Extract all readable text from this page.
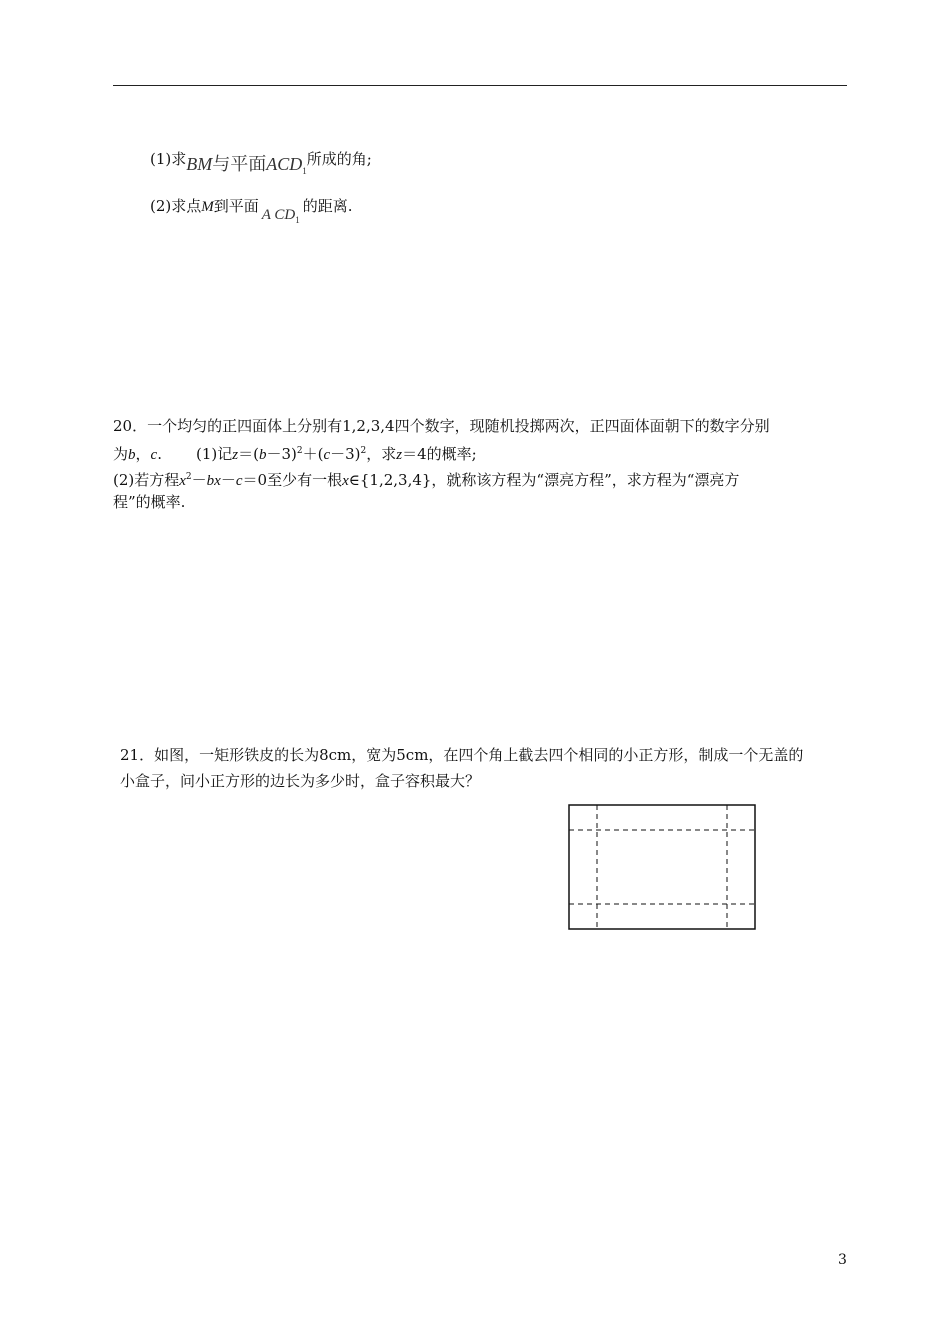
(1)求BM与平面$ACD_1$所成的角;
(2)求点M到平面 A $CD_1$的距离.
20．一个均匀的正四面体上分别有1,2,3,4四个数字，现随机投掷两次，正四面体面朝下的数字分别
为b，c. (1)记$z=(b-3)^2+(c-3)^2$，求z＝4的概率;
(2)若方程$x^2-bx-c=0$至少有一根x∈{1,2,3,4}，就称该方程为“漂亮方程”，求方程为“漂亮方
程”的概率.
21．如图，一矩形铁皮的长为8cm，宽为5cm，在四个角上截去四个相同的小正方形，制成一个无盖的
小盒子，问小正方形的边长为多少时，盒子容积最大？
3
